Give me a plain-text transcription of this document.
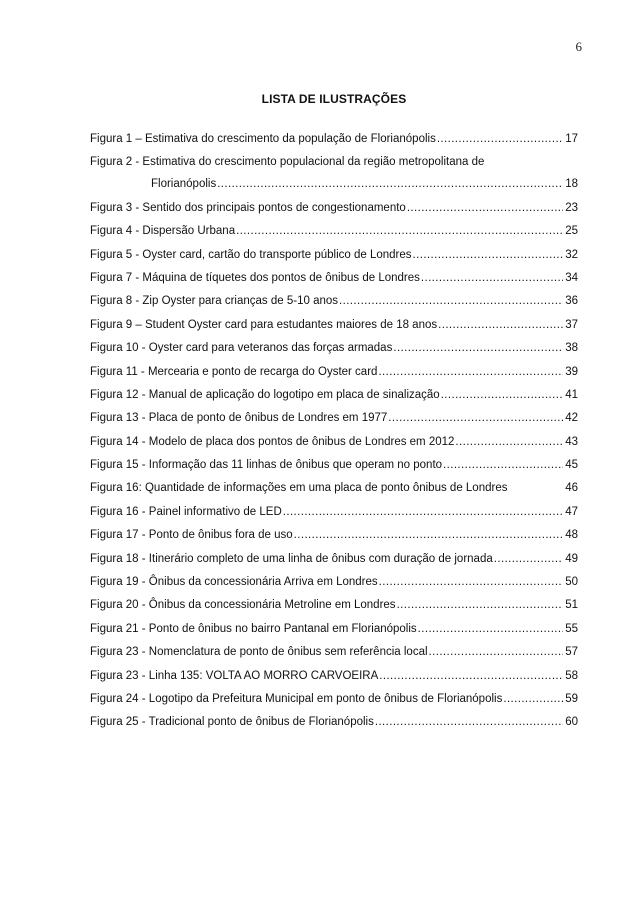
6
LISTA DE ILUSTRAÇÕES
Figura 1 – Estimativa do crescimento da população de Florianópolis .....	17
Figura 2 - Estimativa do crescimento populacional da região metropolitana de
Florianópolis .....	18
Figura 3 - Sentido dos principais pontos de congestionamento .....	23
Figura 4 - Dispersão Urbana .....	25
Figura 5 - Oyster card, cartão do transporte público de Londres .....	32
Figura 7 - Máquina de tíquetes dos pontos de ônibus de Londres .....	34
Figura 8 - Zip Oyster para crianças de 5-10 anos .....	36
Figura 9 – Student Oyster card para estudantes maiores de 18 anos .....	37
Figura 10 - Oyster card para veteranos das forças armadas .....	38
Figura 11 - Mercearia e ponto de recarga do Oyster card .....	39
Figura 12 - Manual de aplicação do logotipo em placa de sinalização .....	41
Figura 13 - Placa de ponto de ônibus de Londres em 1977 .....	42
Figura 14 - Modelo de placa dos pontos de ônibus de Londres em 2012 .....	43
Figura 15 - Informação das 11 linhas de ônibus que operam no ponto .....	45
Figura 16: Quantidade de informações em uma placa de ponto ônibus de Londres	46
Figura 16 - Painel informativo de LED .....	47
Figura 17 - Ponto de ônibus fora de uso .....	48
Figura 18 - Itinerário completo de uma linha de ônibus com duração de jornada .....	49
Figura 19 - Ônibus da concessionária Arriva em Londres .....	50
Figura 20 - Ônibus da concessionária Metroline em Londres .....	51
Figura 21 - Ponto de ônibus no bairro Pantanal em Florianópolis .....	55
Figura 23 - Nomenclatura de ponto de ônibus sem referência local .....	57
Figura 23 - Linha 135: VOLTA AO MORRO CARVOEIRA .....	58
Figura 24 - Logotipo da Prefeitura Municipal em ponto de ônibus de Florianópolis .....	59
Figura 25 - Tradicional ponto de ônibus de Florianópolis .....	60
